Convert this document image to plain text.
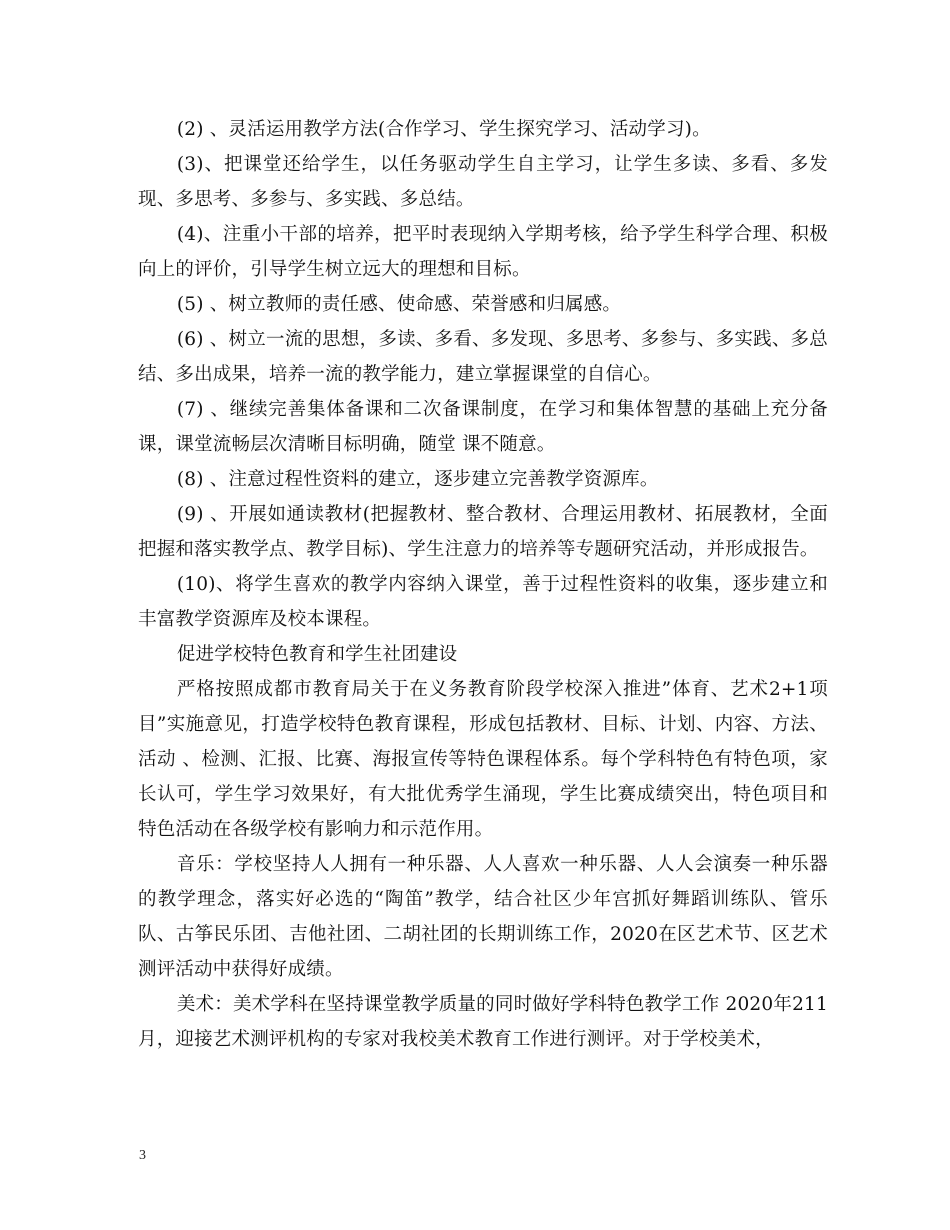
(2) 、灵活运用教学方法(合作学习、学生探究学习、活动学习)。

(3)、把课堂还给学生，以任务驱动学生自主学习，让学生多读、多看、多发现、多思考、多参与、多实践、多总结。

(4)、注重小干部的培养，把平时表现纳入学期考核，给予学生科学合理、积极向上的评价，引导学生树立远大的理想和目标。

(5) 、树立教师的责任感、使命感、荣誉感和归属感。

(6) 、树立一流的思想，多读、多看、多发现、多思考、多参与、多实践、多总结、多出成果，培养一流的教学能力，建立掌握课堂的自信心。

(7) 、继续完善集体备课和二次备课制度，在学习和集体智慧的基础上充分备课，课堂流畅层次清晰目标明确，随堂 课不随意。

(8) 、注意过程性资料的建立，逐步建立完善教学资源库。

(9) 、开展如通读教材(把握教材、整合教材、合理运用教材、拓展教材，全面把握和落实教学点、教学目标)、学生注意力的培养等专题研究活动，并形成报告。

(10)、将学生喜欢的教学内容纳入课堂，善于过程性资料的收集，逐步建立和丰富教学资源库及校本课程。

促进学校特色教育和学生社团建设

严格按照成都市教育局关于在义务教育阶段学校深入推进”体育、艺术2+1项目”实施意见，打造学校特色教育课程，形成包括教材、目标、计划、内容、方法、活动 、检测、汇报、比赛、海报宣传等特色课程体系。每个学科特色有特色项，家长认可，学生学习效果好，有大批优秀学生涌现，学生比赛成绩突出，特色项目和特色活动在各级学校有影响力和示范作用。

音乐：学校坚持人人拥有一种乐器、人人喜欢一种乐器、人人会演奏一种乐器的教学理念，落实好必选的“陶笛”教学，结合社区少年宫抓好舞蹈训练队、管乐队、古筝民乐团、吉他社团、二胡社团的长期训练工作，2020在区艺术节、区艺术测评活动中获得好成绩。

美术：美术学科在坚持课堂教学质量的同时做好学科特色教学工作 2020年211月，迎接艺术测评机构的专家对我校美术教育工作进行测评。对于学校美术，

3
